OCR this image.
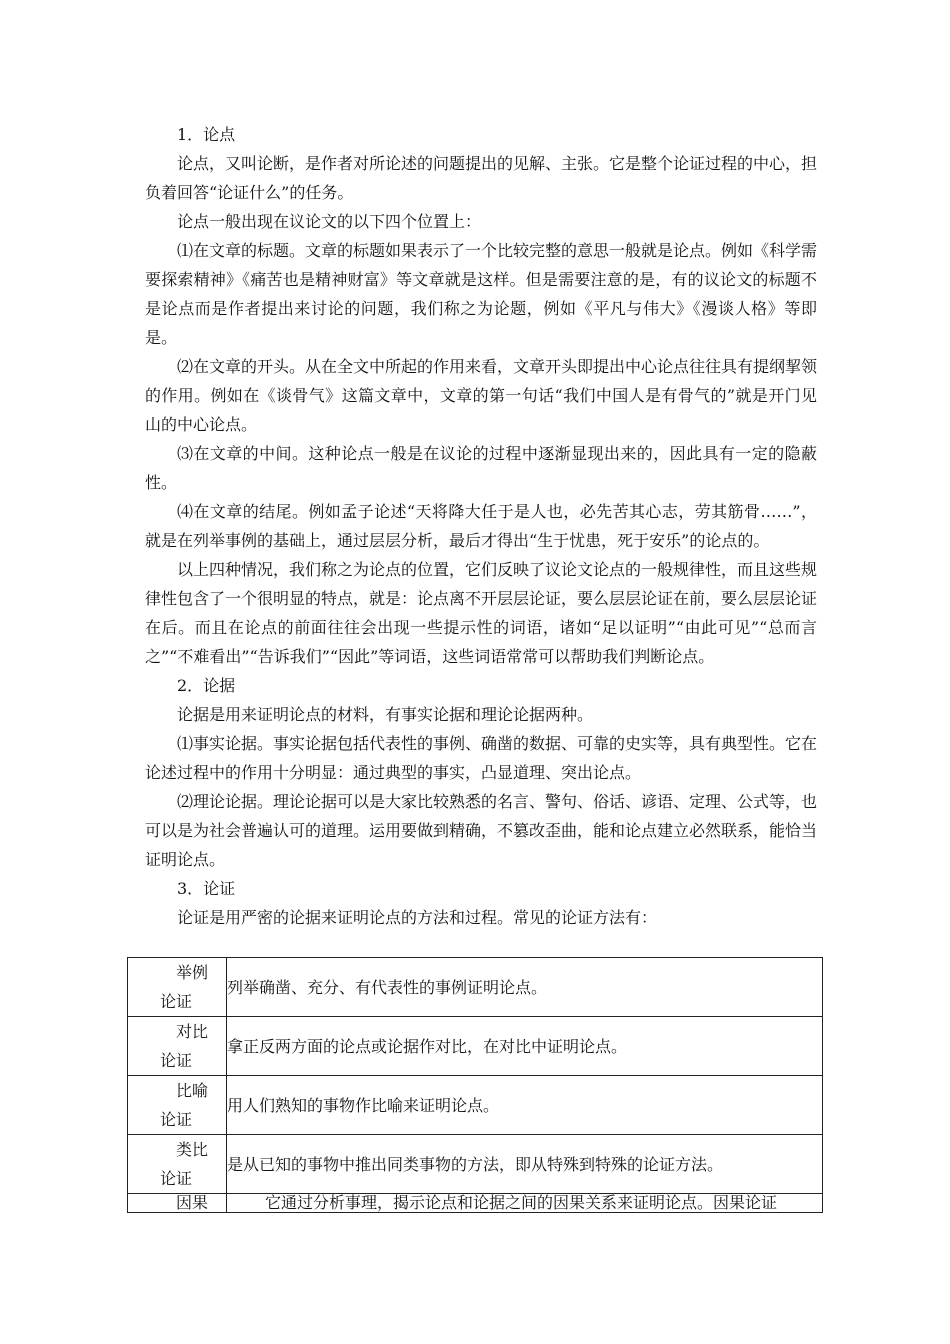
1．论点

论点，又叫论断，是作者对所论述的问题提出的见解、主张。它是整个论证过程的中心，担负着回答“论证什么”的任务。

论点一般出现在议论文的以下四个位置上：

⑴在文章的标题。文章的标题如果表示了一个比较完整的意思一般就是论点。例如《科学需要探索精神》《痛苦也是精神财富》等文章就是这样。但是需要注意的是，有的议论文的标题不是论点而是作者提出来讨论的问题，我们称之为论题，例如《平凡与伟大》《漫谈人格》等即是。

⑵在文章的开头。从在全文中所起的作用来看，文章开头即提出中心论点往往具有提纲挈领的作用。例如在《谈骨气》这篇文章中，文章的第一句话“我们中国人是有骨气的”就是开门见山的中心论点。

⑶在文章的中间。这种论点一般是在议论的过程中逐渐显现出来的，因此具有一定的隐蔽性。

⑷在文章的结尾。例如孟子论述“天将降大任于是人也，必先苦其心志，劳其筋骨……”，就是在列举事例的基础上，通过层层分析，最后才得出“生于忧患，死于安乐”的论点的。

以上四种情况，我们称之为论点的位置，它们反映了议论文论点的一般规律性，而且这些规律性包含了一个很明显的特点，就是：论点离不开层层论证，要么层层论证在前，要么层层论证在后。而且在论点的前面往往会出现一些提示性的词语，诸如“足以证明”“由此可见”“总而言之”“不难看出”“告诉我们”“因此”等词语，这些词语常常可以帮助我们判断论点。

2．论据

论据是用来证明论点的材料，有事实论据和理论论据两种。

⑴事实论据。事实论据包括代表性的事例、确凿的数据、可靠的史实等，具有典型性。它在论述过程中的作用十分明显：通过典型的事实，凸显道理、突出论点。

⑵理论论据。理论论据可以是大家比较熟悉的名言、警句、俗话、谚语、定理、公式等，也可以是为社会普遍认可的道理。运用要做到精确，不篡改歪曲，能和论点建立必然联系，能恰当证明论点。

3．论证

论证是用严密的论据来证明论点的方法和过程。常见的论证方法有：

举例
论证	列举确凿、充分、有代表性的事例证明论点。

对比
论证	拿正反两方面的论点或论据作对比，在对比中证明论点。

比喻
论证	用人们熟知的事物作比喻来证明论点。

类比
论证	是从已知的事物中推出同类事物的方法，即从特殊到特殊的论证方法。

因果	它通过分析事理，揭示论点和论据之间的因果关系来证明论点。因果论证
